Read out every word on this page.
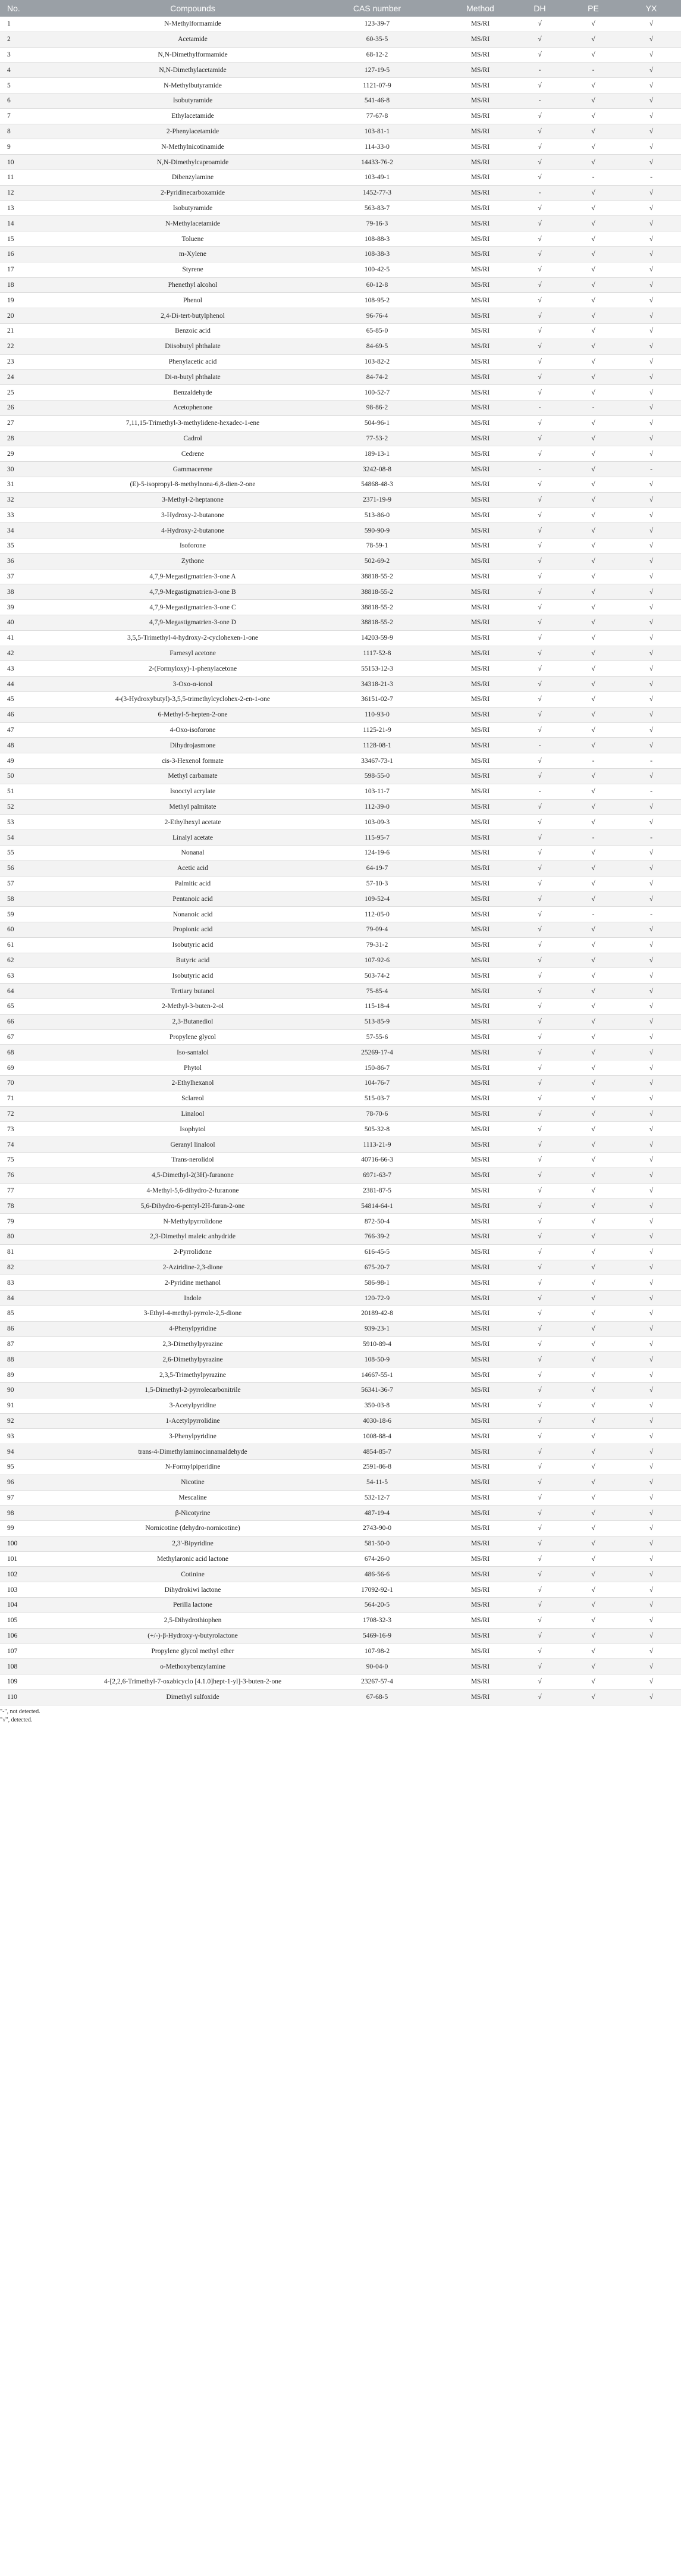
No.	Compounds	CAS number	Method	DH	PE	YX
1	N-Methylformamide	123-39-7	MS/RI	√	√	√
2	Acetamide	60-35-5	MS/RI	√	√	√
3	N,N-Dimethylformamide	68-12-2	MS/RI	√	√	√
4	N,N-Dimethylacetamide	127-19-5	MS/RI	-	-	√
5	N-Methylbutyramide	1121-07-9	MS/RI	√	√	√
6	Isobutyramide	541-46-8	MS/RI	-	√	√
7	Ethylacetamide	77-67-8	MS/RI	√	√	√
8	2-Phenylacetamide	103-81-1	MS/RI	√	√	√
9	N-Methylnicotinamide	114-33-0	MS/RI	√	√	√
10	N,N-Dimethylcaproamide	14433-76-2	MS/RI	√	√	√
11	Dibenzylamine	103-49-1	MS/RI	√	-	-
12	2-Pyridinecarboxamide	1452-77-3	MS/RI	-	√	√
13	Isobutyramide	563-83-7	MS/RI	√	√	√
14	N-Methylacetamide	79-16-3	MS/RI	√	√	√
15	Toluene	108-88-3	MS/RI	√	√	√
16	m-Xylene	108-38-3	MS/RI	√	√	√
17	Styrene	100-42-5	MS/RI	√	√	√
18	Phenethyl alcohol	60-12-8	MS/RI	√	√	√
19	Phenol	108-95-2	MS/RI	√	√	√
20	2,4-Di-tert-butylphenol	96-76-4	MS/RI	√	√	√
21	Benzoic acid	65-85-0	MS/RI	√	√	√
22	Diisobutyl phthalate	84-69-5	MS/RI	√	√	√
23	Phenylacetic acid	103-82-2	MS/RI	√	√	√
24	Di-n-butyl phthalate	84-74-2	MS/RI	√	√	√
25	Benzaldehyde	100-52-7	MS/RI	√	√	√
26	Acetophenone	98-86-2	MS/RI	-	-	√
27	7,11,15-Trimethyl-3-methylidene-hexadec-1-ene	504-96-1	MS/RI	√	√	√
28	Cadrol	77-53-2	MS/RI	√	√	√
29	Cedrene	189-13-1	MS/RI	√	√	√
30	Gammacerene	3242-08-8	MS/RI	-	√	-
31	(E)-5-isopropyl-8-methylnona-6,8-dien-2-one	54868-48-3	MS/RI	√	√	√
32	3-Methyl-2-heptanone	2371-19-9	MS/RI	√	√	√
33	3-Hydroxy-2-butanone	513-86-0	MS/RI	√	√	√
34	4-Hydroxy-2-butanone	590-90-9	MS/RI	√	√	√
35	Isoforone	78-59-1	MS/RI	√	√	√
36	Zythone	502-69-2	MS/RI	√	√	√
37	4,7,9-Megastigmatrien-3-one A	38818-55-2	MS/RI	√	√	√
38	4,7,9-Megastigmatrien-3-one B	38818-55-2	MS/RI	√	√	√
39	4,7,9-Megastigmatrien-3-one C	38818-55-2	MS/RI	√	√	√
40	4,7,9-Megastigmatrien-3-one D	38818-55-2	MS/RI	√	√	√
41	3,5,5-Trimethyl-4-hydroxy-2-cyclohexen-1-one	14203-59-9	MS/RI	√	√	√
42	Farnesyl acetone	1117-52-8	MS/RI	√	√	√
43	2-(Formyloxy)-1-phenylacetone	55153-12-3	MS/RI	√	√	√
44	3-Oxo-α-ionol	34318-21-3	MS/RI	√	√	√
45	4-(3-Hydroxybutyl)-3,5,5-trimethylcyclohex-2-en-1-one	36151-02-7	MS/RI	√	√	√
46	6-Methyl-5-hepten-2-one	110-93-0	MS/RI	√	√	√
47	4-Oxo-isoforone	1125-21-9	MS/RI	√	√	√
48	Dihydrojasmone	1128-08-1	MS/RI	-	√	√
49	cis-3-Hexenol formate	33467-73-1	MS/RI	√	-	-
50	Methyl carbamate	598-55-0	MS/RI	√	√	√
51	Isooctyl acrylate	103-11-7	MS/RI	-	√	-
52	Methyl palmitate	112-39-0	MS/RI	√	√	√
53	2-Ethylhexyl acetate	103-09-3	MS/RI	√	√	√
54	Linalyl acetate	115-95-7	MS/RI	√	-	-
55	Nonanal	124-19-6	MS/RI	√	√	√
56	Acetic acid	64-19-7	MS/RI	√	√	√
57	Palmitic acid	57-10-3	MS/RI	√	√	√
58	Pentanoic acid	109-52-4	MS/RI	√	√	√
59	Nonanoic acid	112-05-0	MS/RI	√	-	-
60	Propionic acid	79-09-4	MS/RI	√	√	√
61	Isobutyric acid	79-31-2	MS/RI	√	√	√
62	Butyric acid	107-92-6	MS/RI	√	√	√
63	Isobutyric acid	503-74-2	MS/RI	√	√	√
64	Tertiary butanol	75-85-4	MS/RI	√	√	√
65	2-Methyl-3-buten-2-ol	115-18-4	MS/RI	√	√	√
66	2,3-Butanediol	513-85-9	MS/RI	√	√	√
67	Propylene glycol	57-55-6	MS/RI	√	√	√
68	Iso-santalol	25269-17-4	MS/RI	√	√	√
69	Phytol	150-86-7	MS/RI	√	√	√
70	2-Ethylhexanol	104-76-7	MS/RI	√	√	√
71	Sclareol	515-03-7	MS/RI	√	√	√
72	Linalool	78-70-6	MS/RI	√	√	√
73	Isophytol	505-32-8	MS/RI	√	√	√
74	Geranyl linalool	1113-21-9	MS/RI	√	√	√
75	Trans-nerolidol	40716-66-3	MS/RI	√	√	√
76	4,5-Dimethyl-2(3H)-furanone	6971-63-7	MS/RI	√	√	√
77	4-Methyl-5,6-dihydro-2-furanone	2381-87-5	MS/RI	√	√	√
78	5,6-Dihydro-6-pentyl-2H-furan-2-one	54814-64-1	MS/RI	√	√	√
79	N-Methylpyrrolidone	872-50-4	MS/RI	√	√	√
80	2,3-Dimethyl maleic anhydride	766-39-2	MS/RI	√	√	√
81	2-Pyrrolidone	616-45-5	MS/RI	√	√	√
82	2-Aziridine-2,3-dione	675-20-7	MS/RI	√	√	√
83	2-Pyridine methanol	586-98-1	MS/RI	√	√	√
84	Indole	120-72-9	MS/RI	√	√	√
85	3-Ethyl-4-methyl-pyrrole-2,5-dione	20189-42-8	MS/RI	√	√	√
86	4-Phenylpyridine	939-23-1	MS/RI	√	√	√
87	2,3-Dimethylpyrazine	5910-89-4	MS/RI	√	√	√
88	2,6-Dimethylpyrazine	108-50-9	MS/RI	√	√	√
89	2,3,5-Trimethylpyrazine	14667-55-1	MS/RI	√	√	√
90	1,5-Dimethyl-2-pyrrolecarbonitrile	56341-36-7	MS/RI	√	√	√
91	3-Acetylpyridine	350-03-8	MS/RI	√	√	√
92	1-Acetylpyrrolidine	4030-18-6	MS/RI	√	√	√
93	3-Phenylpyridine	1008-88-4	MS/RI	√	√	√
94	trans-4-Dimethylaminocinnamaldehyde	4854-85-7	MS/RI	√	√	√
95	N-Formylpiperidine	2591-86-8	MS/RI	√	√	√
96	Nicotine	54-11-5	MS/RI	√	√	√
97	Mescaline	532-12-7	MS/RI	√	√	√
98	β-Nicotyrine	487-19-4	MS/RI	√	√	√
99	Nornicotine (dehydro-nornicotine)	2743-90-0	MS/RI	√	√	√
100	2,3'-Bipyridine	581-50-0	MS/RI	√	√	√
101	Methylaronic acid lactone	674-26-0	MS/RI	√	√	√
102	Cotinine	486-56-6	MS/RI	√	√	√
103	Dihydrokiwi lactone	17092-92-1	MS/RI	√	√	√
104	Perilla lactone	564-20-5	MS/RI	√	√	√
105	2,5-Dihydrothiophen	1708-32-3	MS/RI	√	√	√
106	(+/-)-β-Hydroxy-γ-butyrolactone	5469-16-9	MS/RI	√	√	√
107	Propylene glycol methyl ether	107-98-2	MS/RI	√	√	√
108	o-Methoxybenzylamine	90-04-0	MS/RI	√	√	√
109	4-[2,2,6-Trimethyl-7-oxabicyclo [4.1.0]hept-1-yl]-3-buten-2-one	23267-57-4	MS/RI	√	√	√
110	Dimethyl sulfoxide	67-68-5	MS/RI	√	√	√
"-", not detected.
"√", detected.
